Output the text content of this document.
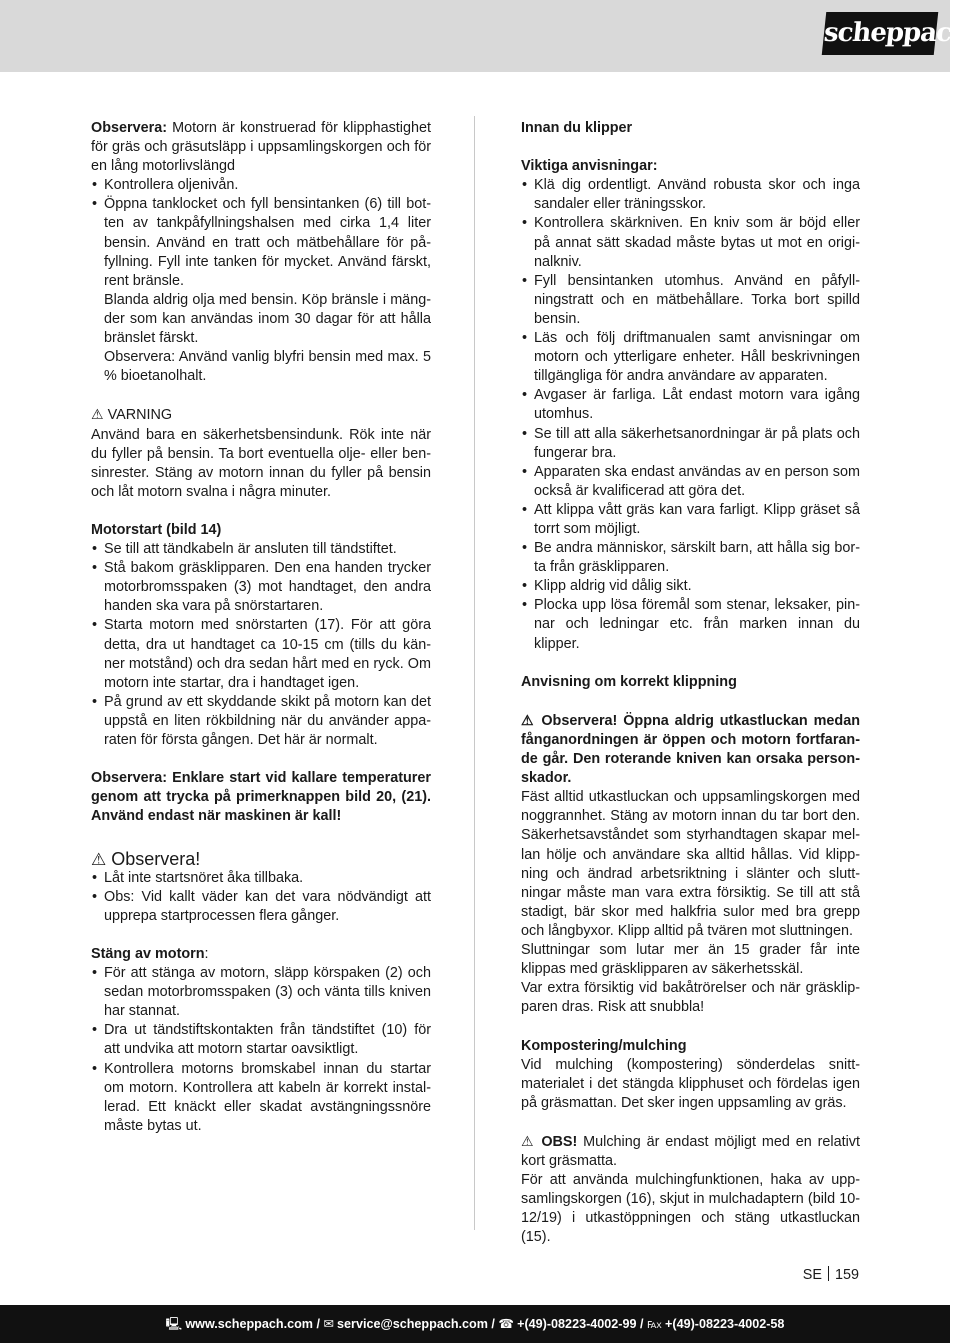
scheppach

Observera: Motorn är konstruerad för klipphastighet för gräs och gräsutsläpp i uppsamlingskorgen och för en lång motorlivslängd

• Kontrollera oljenivån.
• Öppna tanklocket och fyll bensintanken (6) till bot-ten av tankpåfyllningshalsen med cirka 1,4 liter bensin. Använd en tratt och mätbehållare för på-fyllning. Fyll inte tanken för mycket. Använd färskt, rent bränsle.

Blanda aldrig olja med bensin. Köp bränsle i mäng-der som kan användas inom 30 dagar för att hålla bränslet färskt.

Observera: Använd vanlig blyfri bensin med max. 5 % bioetanolhalt.

⚠ VARNING

Använd bara en säkerhetsbensindunk. Rök inte när du fyller på bensin. Ta bort eventuella olje- eller ben-sinrester. Stäng av motorn innan du fyller på bensin och låt motorn svalna i några minuter.

Motorstart (bild 14)

• Se till att tändkabeln är ansluten till tändstiftet.
• Stå bakom gräsklipparen. Den ena handen trycker motorbromsspaken (3) mot handtaget, den andra handen ska vara på snörstartaren.
• Starta motorn med snörstarten (17). För att göra detta, dra ut handtaget ca 10-15 cm (tills du kän-ner motstånd) och dra sedan hårt med en ryck. Om motorn inte startar, dra i handtaget igen.
• På grund av ett skyddande skikt på motorn kan det uppstå en liten rökbildning när du använder appa-raten för första gången. Det här är normalt.

Observera: Enklare start vid kallare temperaturer genom att trycka på primerknappen bild 20, (21). Använd endast när maskinen är kall!

⚠ Observera!

• Låt inte startsnöret åka tillbaka.
• Obs: Vid kallt väder kan det vara nödvändigt att upprepa startprocessen flera gånger.

Stäng av motorn:

• För att stänga av motorn, släpp körspaken (2) och sedan motorbromsspaken (3) och vänta tills kniven har stannat.
• Dra ut tändstiftskontakten från tändstiftet (10) för att undvika att motorn startar oavsiktligt.
• Kontrollera motorns bromskabel innan du startar om motorn. Kontrollera att kabeln är korrekt instal-lerad. Ett knäckt eller skadat avstängningssnöre måste bytas ut.

Innan du klipper

Viktiga anvisningar:

• Klä dig ordentligt. Använd robusta skor och inga sandaler eller träningsskor.
• Kontrollera skärkniven. En kniv som är böjd eller på annat sätt skadad måste bytas ut mot en origi-nalkniv.
• Fyll bensintanken utomhus. Använd en påfyll-ningstratt och en mätbehållare. Torka bort spilld bensin.
• Läs och följ driftmanualen samt anvisningar om motorn och ytterligare enheter. Håll beskrivningen tillgängliga för andra användare av apparaten.
• Avgaser är farliga. Låt endast motorn vara igång utomhus.
• Se till att alla säkerhetsanordningar är på plats och fungerar bra.
• Apparaten ska endast användas av en person som också är kvalificerad att göra det.
• Att klippa vått gräs kan vara farligt. Klipp gräset så torrt som möjligt.
• Be andra människor, särskilt barn, att hålla sig bor-ta från gräsklipparen.
• Klipp aldrig vid dålig sikt.
• Plocka upp lösa föremål som stenar, leksaker, pin-nar och ledningar etc. från marken innan du klipper.

Anvisning om korrekt klippning

⚠ Observera! Öppna aldrig utkastluckan medan fånganordningen är öppen och motorn fortfaran-de går. Den roterande kniven kan orsaka person-skador.

Fäst alltid utkastluckan och uppsamlingskorgen med noggrannhet. Stäng av motorn innan du tar bort den. Säkerhetsavståndet som styrhandtagen skapar mel-lan hölje och användare ska alltid hållas. Vid klipp-ning och ändrad arbetsriktning i slänter och slutt-ningar måste man vara extra försiktig. Se till att stå stadigt, bär skor med halkfria sulor med bra grepp och långbyxor. Klipp alltid på tvären mot sluttningen.

Sluttningar som lutar mer än 15 grader får inte klippas med gräsklipparen av säkerhetsskäl.

Var extra försiktig vid bakåtrörelser och när gräsklip-paren dras. Risk att snubbla!

Kompostering/mulching

Vid mulching (kompostering) sönderdelas snitt-materialet i det stängda klipphuset och fördelas igen på gräsmattan. Det sker ingen uppsamling av gräs.

⚠ OBS! Mulching är endast möjligt med en relativt kort gräsmatta.

För att använda mulchingfunktionen, haka av upp-samlingskorgen (16), skjut in mulchadaptern (bild 10-12/19) i utkastöppningen och stäng utkastluckan (15).

SE 159
🖳 www.scheppach.com / ✉ service@scheppach.com / ☎ +(49)-08223-4002-99 / ℻ +(49)-08223-4002-58
